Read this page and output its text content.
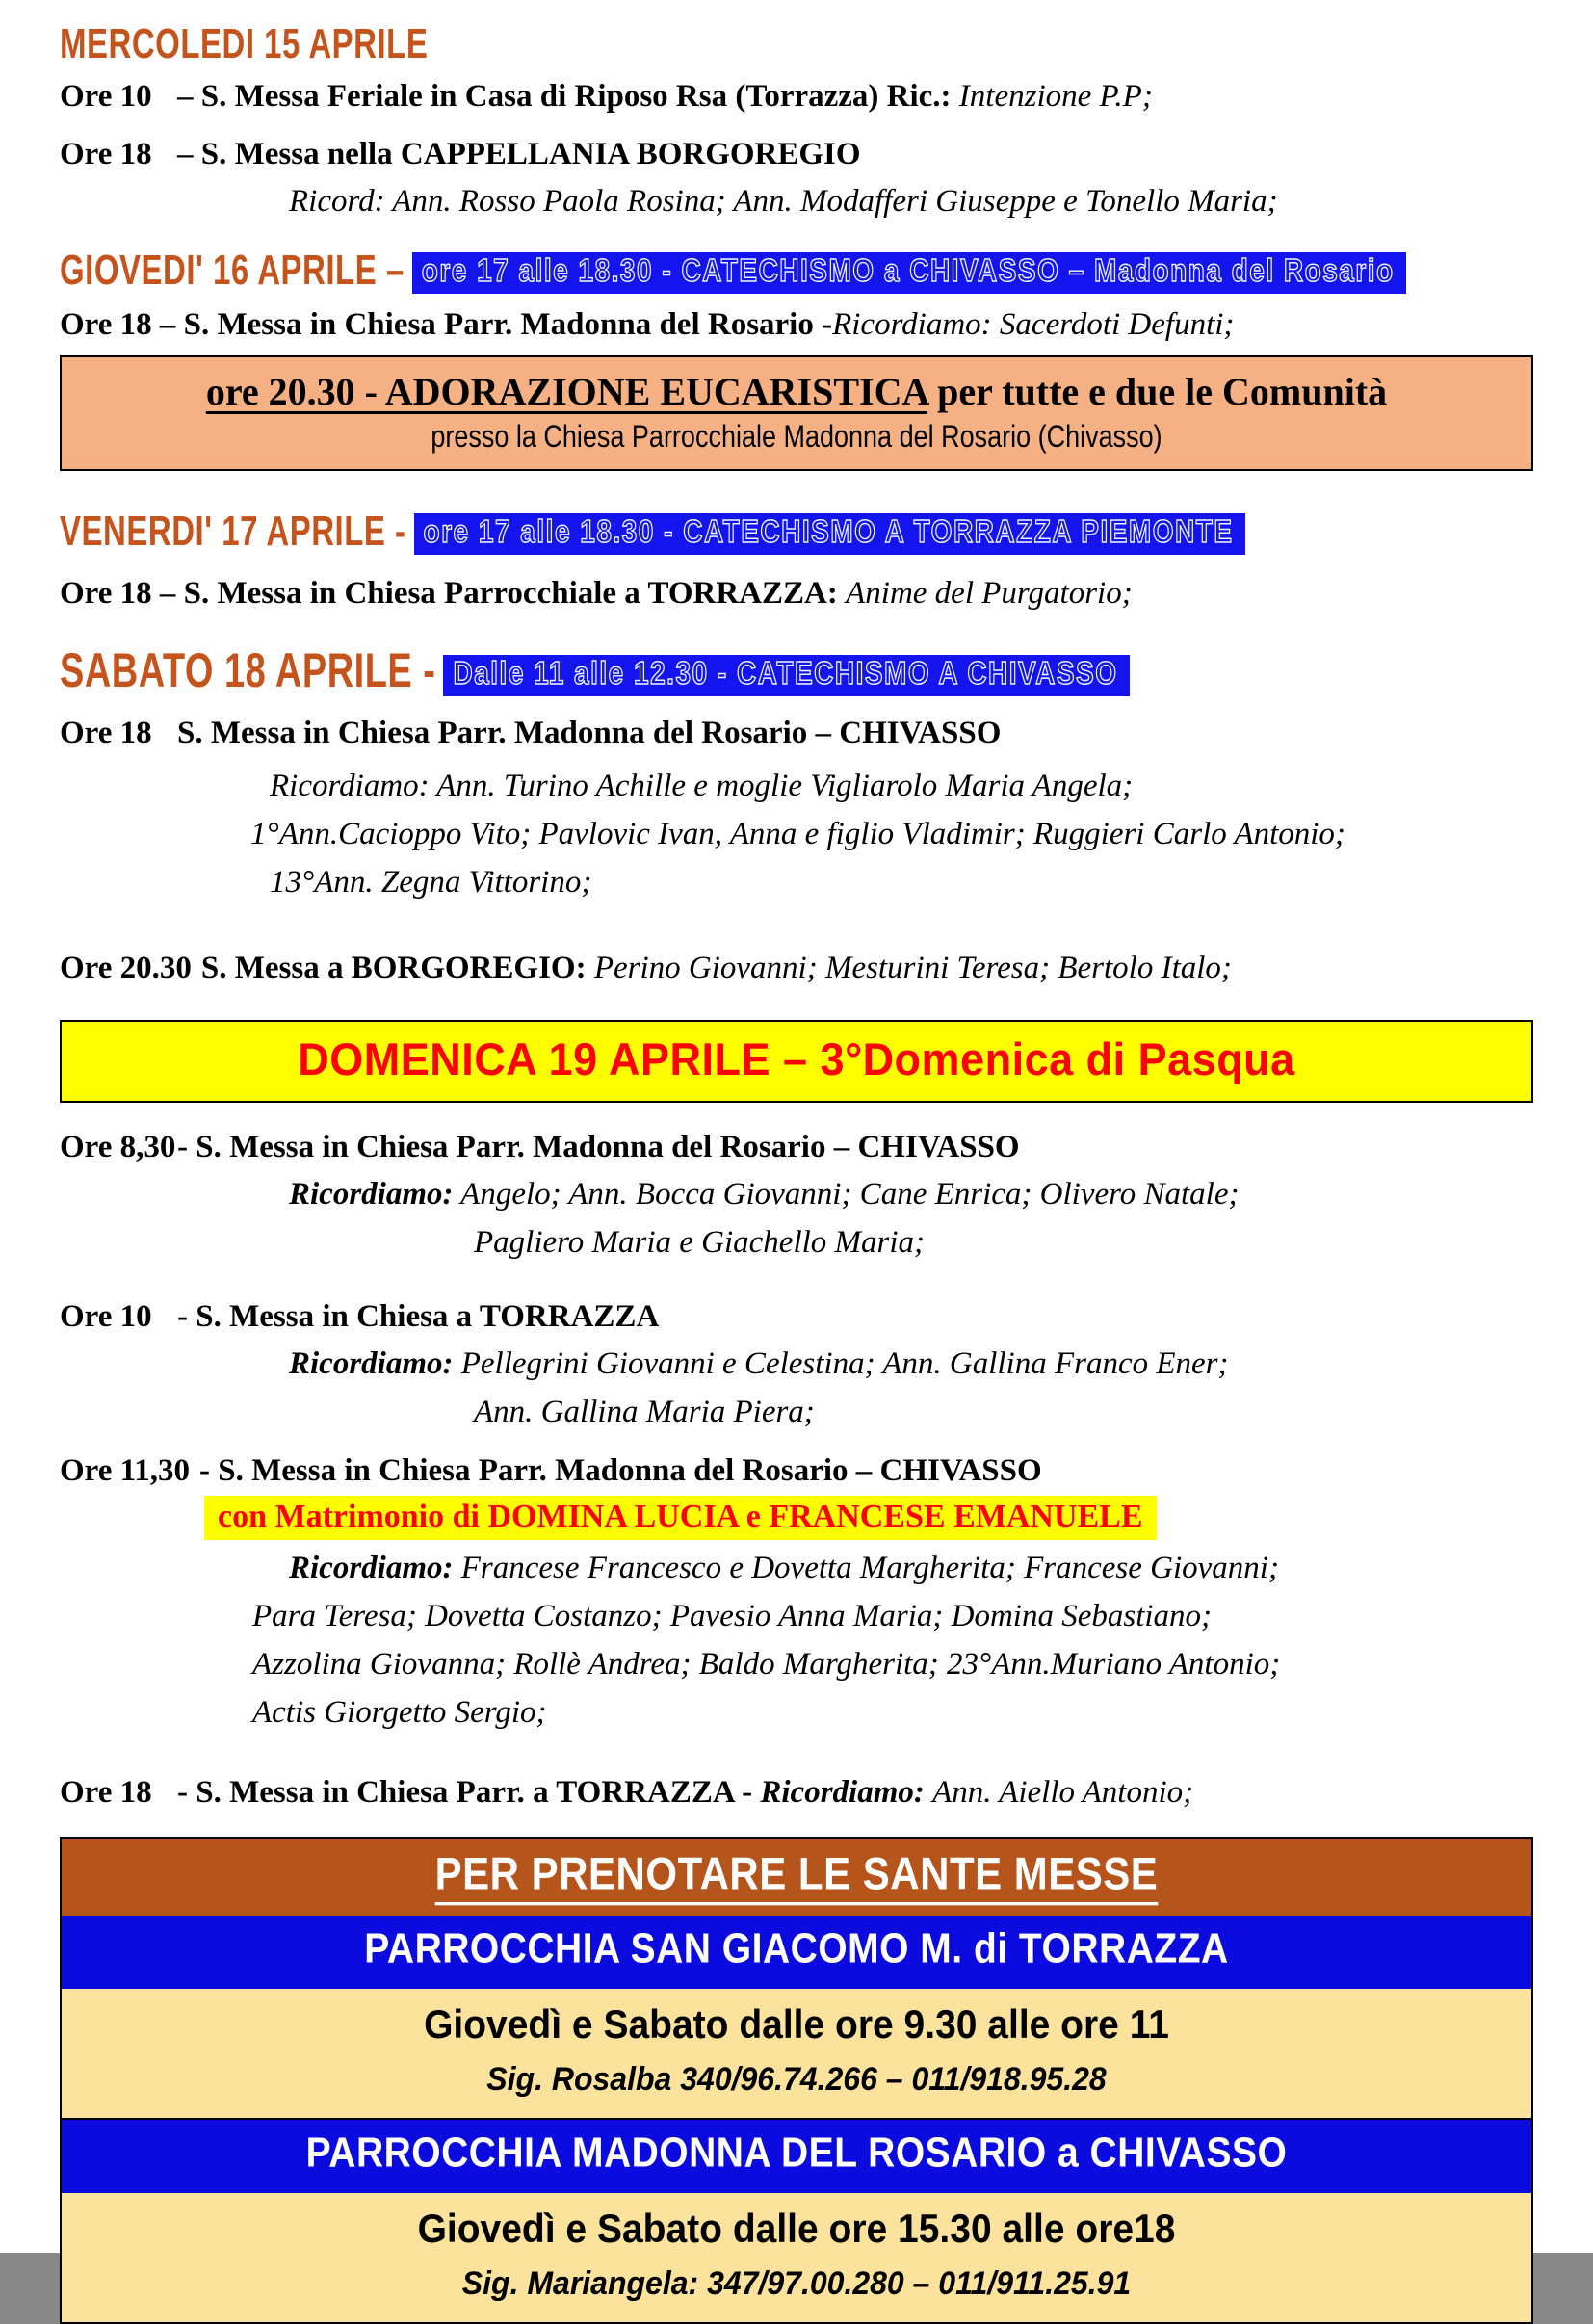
MERCOLEDI 15 APRILE
Ore 10 – S. Messa Feriale in Casa di Riposo Rsa (Torrazza) Ric.: Intenzione P.P;
Ore 18 – S. Messa nella CAPPELLANIA BORGOREGIO
Ricord: Ann. Rosso Paola Rosina; Ann. Modafferi Giuseppe e Tonello Maria;
GIOVEDI' 16 APRILE – ore 17 alle 18.30 - CATECHISMO a CHIVASSO – Madonna del Rosario
Ore 18 – S. Messa in Chiesa Parr. Madonna del Rosario -Ricordiamo: Sacerdoti Defunti;
ore 20.30 - ADORAZIONE EUCARISTICA per tutte e due le Comunità
presso la Chiesa Parrocchiale Madonna del Rosario (Chivasso)
VENERDI' 17 APRILE - ore 17 alle 18.30 - CATECHISMO A TORRAZZA PIEMONTE
Ore 18 – S. Messa in Chiesa Parrocchiale a TORRAZZA: Anime del Purgatorio;
SABATO 18 APRILE - Dalle 11 alle 12.30 - CATECHISMO A CHIVASSO
Ore 18 S. Messa in Chiesa Parr. Madonna del Rosario – CHIVASSO
Ricordiamo: Ann. Turino Achille e moglie Vigliarolo Maria Angela;
1°Ann.Cacioppo Vito; Pavlovic Ivan, Anna e figlio Vladimir; Ruggieri Carlo Antonio;
13°Ann. Zegna Vittorino;
Ore 20.30 S. Messa a BORGOREGIO: Perino Giovanni; Mesturini Teresa; Bertolo Italo;
DOMENICA 19 APRILE – 3°Domenica di Pasqua
Ore 8,30- S. Messa in Chiesa Parr. Madonna del Rosario – CHIVASSO
Ricordiamo: Angelo; Ann. Bocca Giovanni; Cane Enrica; Olivero Natale;
Pagliero Maria e Giachello Maria;
Ore 10 - S. Messa in Chiesa a TORRAZZA
Ricordiamo: Pellegrini Giovanni e Celestina; Ann. Gallina Franco Ener;
Ann. Gallina Maria Piera;
Ore 11,30 - S. Messa in Chiesa Parr. Madonna del Rosario – CHIVASSO
con Matrimonio di DOMINA LUCIA e FRANCESE EMANUELE
Ricordiamo: Francese Francesco e Dovetta Margherita; Francese Giovanni;
Para Teresa; Dovetta Costanzo; Pavesio Anna Maria; Domina Sebastiano;
Azzolina Giovanna; Rollè Andrea; Baldo Margherita; 23°Ann.Muriano Antonio;
Actis Giorgetto Sergio;
Ore 18 - S. Messa in Chiesa Parr. a TORRAZZA - Ricordiamo: Ann. Aiello Antonio;
PER PRENOTARE LE SANTE MESSE
PARROCCHIA SAN GIACOMO M. di TORRAZZA
Giovedì e Sabato dalle ore 9.30 alle ore 11
Sig. Rosalba 340/96.74.266 – 011/918.95.28
PARROCCHIA MADONNA DEL ROSARIO a CHIVASSO
Giovedì e Sabato dalle ore 15.30 alle ore18
Sig. Mariangela: 347/97.00.280 – 011/911.25.91
